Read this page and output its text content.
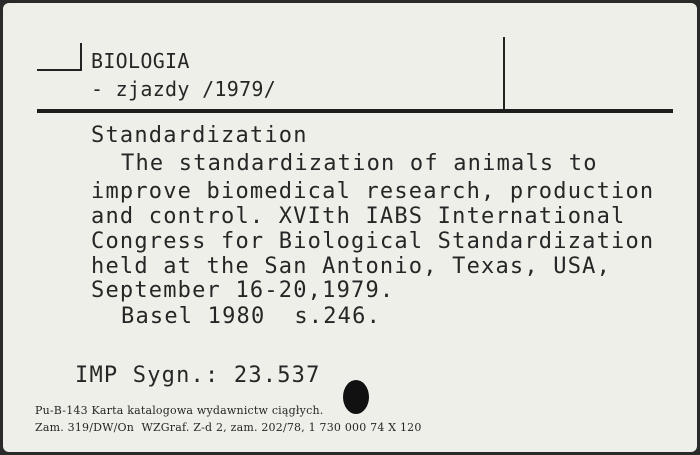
BIOLOGIA
- zjazdy /1979/
Standardization
The standardization of animals to
improve biomedical research, production
and control. XVIth IABS International
Congress for Biological Standardization
held at the San Antonio, Texas, USA,
September 16-20,1979.
Basel 1980  s.246.
IMP Sygn.: 23.537
Pu-B-143 Karta katalogowa wydawnictw ciągłych.
Zam. 319/DW/On  WZGraf. Z-d 2, zam. 202/78, 1 730 000 74 X 120
